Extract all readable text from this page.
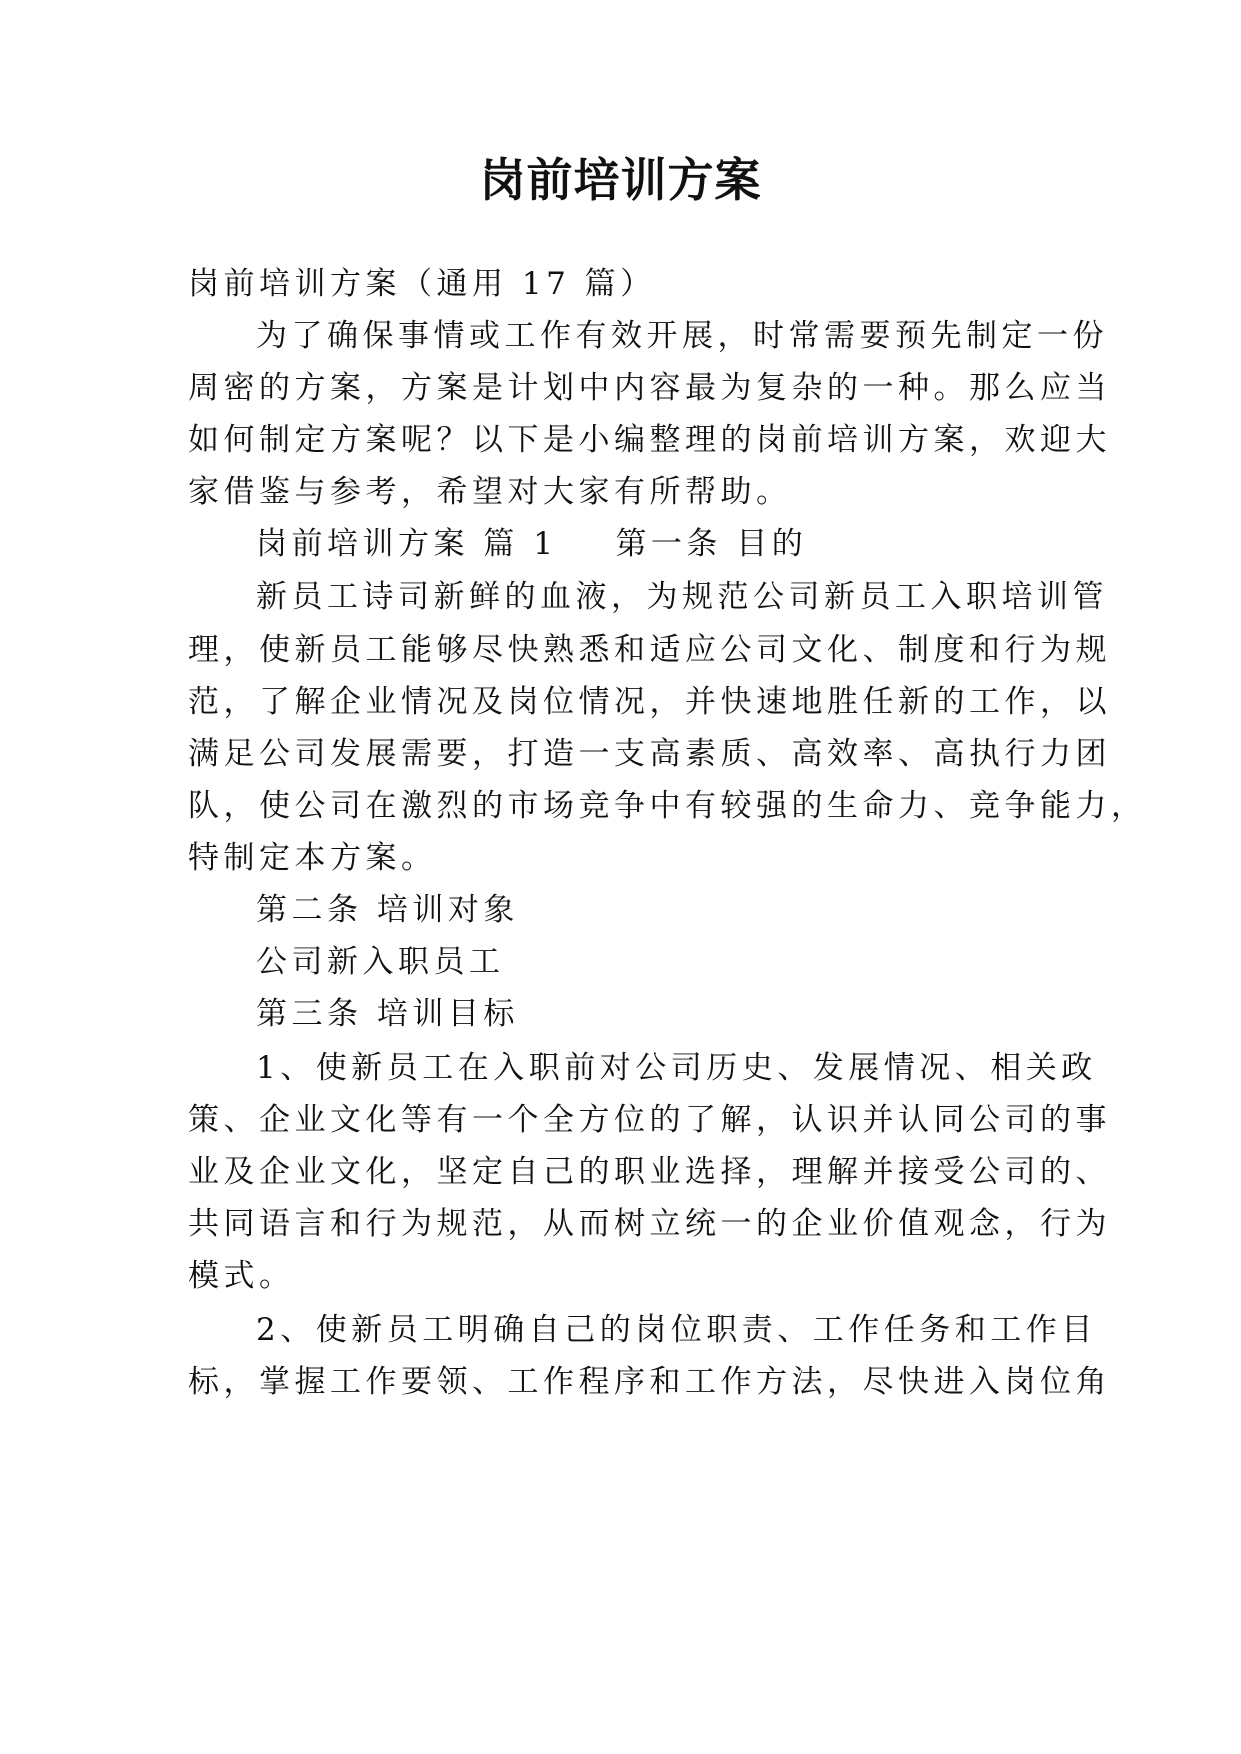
岗前培训方案
岗前培训方案（通用 17 篇）
为了确保事情或工作有效开展，时常需要预先制定一份
周密的方案，方案是计划中内容最为复杂的一种。那么应当
如何制定方案呢？以下是小编整理的岗前培训方案，欢迎大
家借鉴与参考，希望对大家有所帮助。
岗前培训方案 篇 1 第一条 目的
新员工诗司新鲜的血液，为规范公司新员工入职培训管
理，使新员工能够尽快熟悉和适应公司文化、制度和行为规
范，了解企业情况及岗位情况，并快速地胜任新的工作，以
满足公司发展需要，打造一支高素质、高效率、高执行力团
队，使公司在激烈的市场竞争中有较强的生命力、竞争能力，
特制定本方案。
第二条 培训对象
公司新入职员工
第三条 培训目标
1、使新员工在入职前对公司历史、发展情况、相关政
策、企业文化等有一个全方位的了解，认识并认同公司的事
业及企业文化，坚定自己的职业选择，理解并接受公司的、
共同语言和行为规范，从而树立统一的企业价值观念，行为
模式。
2、使新员工明确自己的岗位职责、工作任务和工作目
标，掌握工作要领、工作程序和工作方法，尽快进入岗位角
